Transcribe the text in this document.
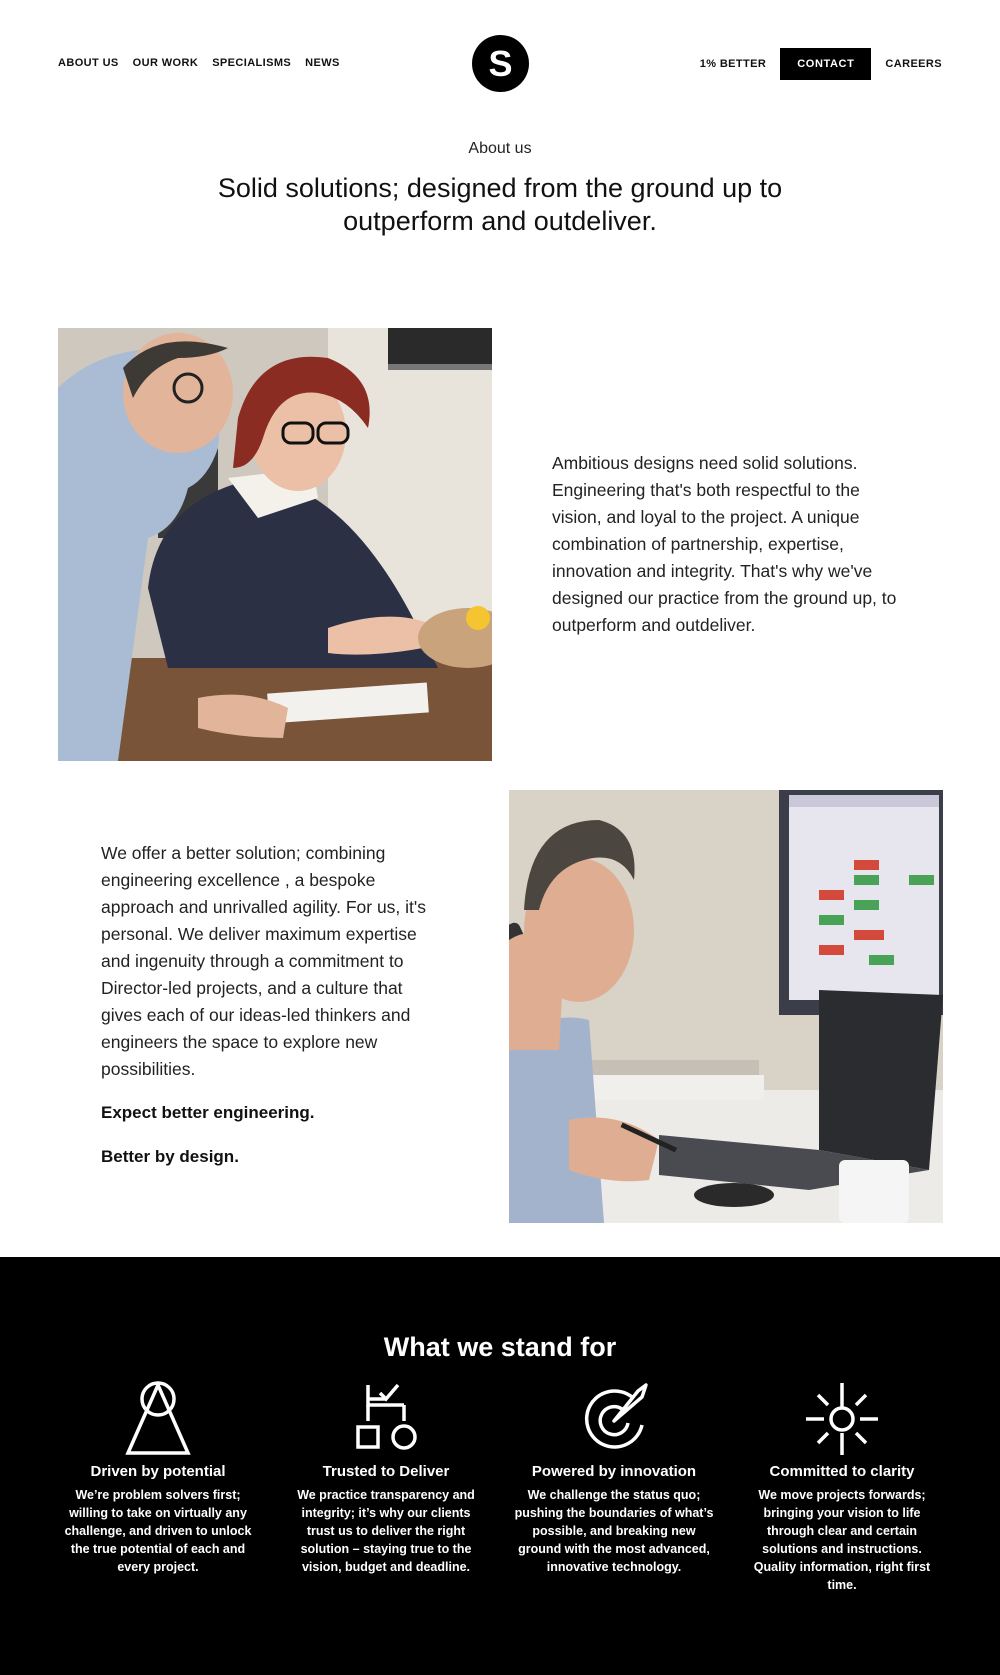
ABOUT US OUR WORK SPECIALISMS NEWS	S	1% BETTER	CONTACT	CAREERS
About us
Solid solutions; designed from the ground up to outperform and outdeliver.

Ambitious designs need solid solutions. Engineering that's both respectful to the vision, and loyal to the project. A unique combination of partnership, expertise, innovation and integrity. That's why we've designed our practice from the ground up, to outperform and outdeliver.

We offer a better solution; combining engineering excellence , a bespoke approach and unrivalled agility. For us, it's personal. We deliver maximum expertise and ingenuity through a commitment to Director-led projects, and a culture that gives each of our ideas-led thinkers and engineers the space to explore new possibilities.

Expect better engineering.
Better by design.
What we stand for
Driven by potential

We’re problem solvers first; willing to take on virtually any challenge, and driven to unlock the true potential of each and every project.

Trusted to Deliver

We practice transparency and integrity; it’s why our clients trust us to deliver the right solution – staying true to the vision, budget and deadline.

Powered by innovation

We challenge the status quo; pushing the boundaries of what’s possible, and breaking new ground with the most advanced, innovative technology.

Committed to clarity

We move projects forwards; bringing your vision to life through clear and certain solutions and instructions. Quality information, right first time.
